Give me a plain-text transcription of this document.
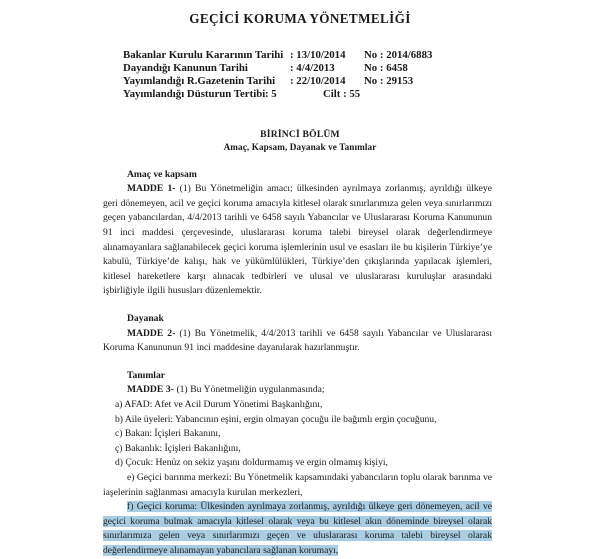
GEÇİCİ KORUMA YÖNETMELİĞİ
Bakanlar Kurulu Kararının Tarihi : 13/10/2014	No : 2014/6883
Dayandığı Kanunun Tarihi	: 4/4/2013	No : 6458
Yayımlandığı R.Gazetenin Tarihi	: 22/10/2014	No : 29153
Yayımlandığı Düsturun Tertibi : 5	Cilt : 55
BİRİNCİ BÖLÜM
Amaç, Kapsam, Dayanak ve Tanımlar
Amaç ve kapsam

MADDE 1- (1) Bu Yönetmeliğin amacı; ülkesinden ayrılmaya zorlanmış, ayrıldığı ülkeye geri dönemeyen, acil ve geçici koruma amacıyla kitlesel olarak sınırlarımıza gelen veya sınırlarımızı geçen yabancılardan, 4/4/2013 tarihli ve 6458 sayılı Yabancılar ve Uluslararası Koruma Kanununun 91 inci maddesi çerçevesinde, uluslararası koruma talebi bireysel olarak değerlendirmeye alınamayanlara sağlanabilecek geçici koruma işlemlerinin usul ve esasları ile bu kişilerin Türkiye’ye kabulü, Türkiye’de kalışı, hak ve yükümlülükleri, Türkiye’den çıkışlarında yapılacak işlemleri, kitlesel hareketlere karşı alınacak tedbirleri ve ulusal ve uluslararası kuruluşlar arasındaki işbirliğiyle ilgili hususları düzenlemektir.

Dayanak

MADDE 2- (1) Bu Yönetmelik, 4/4/2013 tarihli ve 6458 sayılı Yabancılar ve Uluslararası Koruma Kanununun 91 inci maddesine dayanılarak hazırlanmıştır.

Tanımlar

MADDE 3- (1) Bu Yönetmeliğin uygulanmasında;

a) AFAD: Afet ve Acil Durum Yönetimi Başkanlığını,

b) Aile üyeleri: Yabancının eşini, ergin olmayan çocuğu ile bağımlı ergin çocuğunu,

c) Bakan: İçişleri Bakanını,

ç) Bakanlık: İçişleri Bakanlığını,

d) Çocuk: Henüz on sekiz yaşını doldurmamış ve ergin olmamış kişiyi,

e) Geçici barınma merkezi: Bu Yönetmelik kapsamındaki yabancıların toplu olarak barınma ve iaşelerinin sağlanması amacıyla kurulan merkezleri,

f) Geçici koruma: Ülkesinden ayrılmaya zorlanmış, ayrıldığı ülkeye geri dönemeyen, acil ve geçici koruma bulmak amacıyla kitlesel olarak veya bu kitlesel akın döneminde bireysel olarak sınırlarımıza gelen veya sınırlarımızı geçen ve uluslararası koruma talebi bireysel olarak değerlendirmeye alınamayan yabancılara sağlanan korumayı,
